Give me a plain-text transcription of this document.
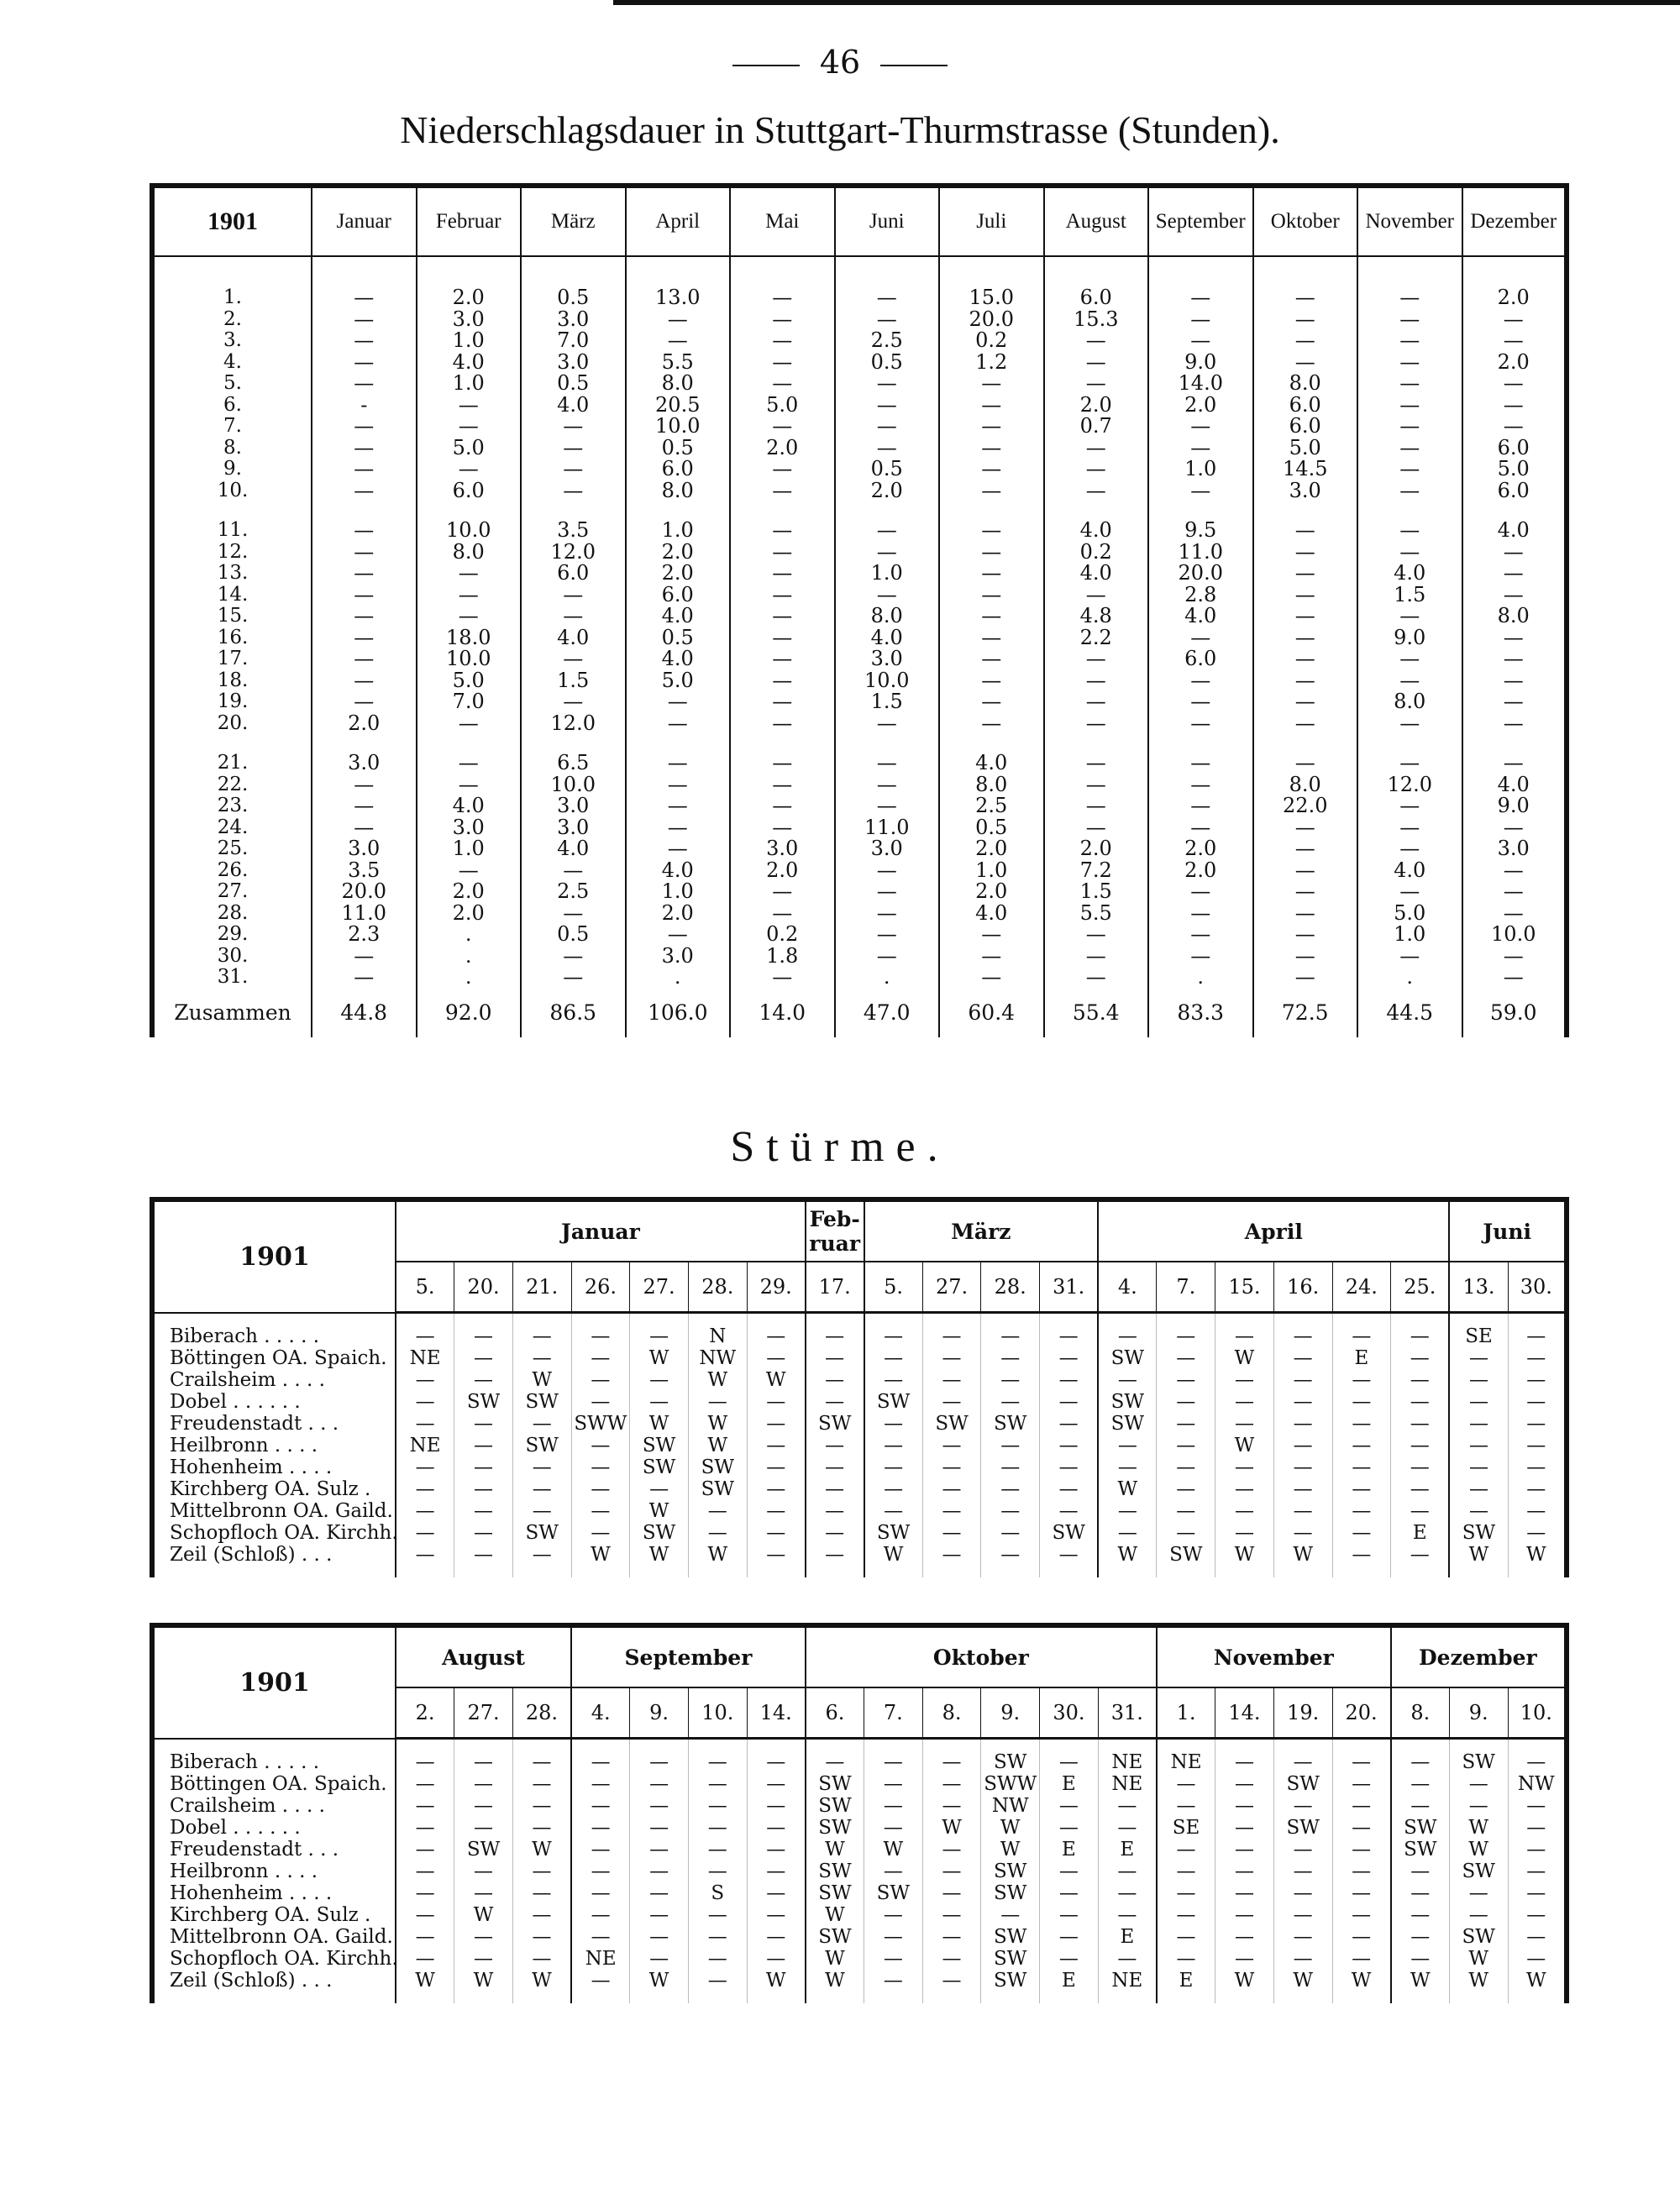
46
Niederschlagsdauer in Stuttgart-Thurmstrasse (Stunden).
1901	Januar	Februar	März	April	Mai	Juni	Juli	August	September	Oktober	November	Dezember

1.	—	2.0	0.5	13.0	—	—	15.0	6.0	—	—	—	2.0
2.	—	3.0	3.0	—	—	—	20.0	15.3	—	—	—	—
3.	—	1.0	7.0	—	—	2.5	0.2	—	—	—	—	—
4.	—	4.0	3.0	5.5	—	0.5	1.2	—	9.0	—	—	2.0
5.	—	1.0	0.5	8.0	—	—	—	—	14.0	8.0	—	—
6.	-	—	4.0	20.5	5.0	—	—	2.0	2.0	6.0	—	—
7.	—	—	—	10.0	—	—	—	0.7	—	6.0	—	—
8.	—	5.0	—	0.5	2.0	—	—	—	—	5.0	—	6.0
9.	—	—	—	6.0	—	0.5	—	—	1.0	14.5	—	5.0
10.	—	6.0	—	8.0	—	2.0	—	—	—	3.0	—	6.0

11.	—	10.0	3.5	1.0	—	—	—	4.0	9.5	—	—	4.0
12.	—	8.0	12.0	2.0	—	—	—	0.2	11.0	—	—	—
13.	—	—	6.0	2.0	—	1.0	—	4.0	20.0	—	4.0	—
14.	—	—	—	6.0	—	—	—	—	2.8	—	1.5	—
15.	—	—	—	4.0	—	8.0	—	4.8	4.0	—	—	8.0
16.	—	18.0	4.0	0.5	—	4.0	—	2.2	—	—	9.0	—
17.	—	10.0	—	4.0	—	3.0	—	—	6.0	—	—	—
18.	—	5.0	1.5	5.0	—	10.0	—	—	—	—	—	—
19.	—	7.0	—	—	—	1.5	—	—	—	—	8.0	—
20.	2.0	—	12.0	—	—	—	—	—	—	—	—	—

21.	3.0	—	6.5	—	—	—	4.0	—	—	—	—	—
22.	—	—	10.0	—	—	—	8.0	—	—	8.0	12.0	4.0
23.	—	4.0	3.0	—	—	—	2.5	—	—	22.0	—	9.0
24.	—	3.0	3.0	—	—	11.0	0.5	—	—	—	—	—
25.	3.0	1.0	4.0	—	3.0	3.0	2.0	2.0	2.0	—	—	3.0
26.	3.5	—	—	4.0	2.0	—	1.0	7.2	2.0	—	4.0	—
27.	20.0	2.0	2.5	1.0	—	—	2.0	1.5	—	—	—	—
28.	11.0	2.0	—	2.0	—	—	4.0	5.5	—	—	5.0	—
29.	2.3	.	0.5	—	0.2	—	—	—	—	—	1.0	10.0
30.	—	.	—	3.0	1.8	—	—	—	—	—	—	—
31.	—	.	—	.	—	.	—	—	.	—	.	—
Zusammen	44.8	92.0	86.5	106.0	14.0	47.0	60.4	55.4	83.3	72.5	44.5	59.0
Stürme.
1901	Januar							Feb-ruar	März				April						Juni	
	5.	20.	21.	26.	27.	28.	29.	17.	5.	27.	28.	31.	4.	7.	15.	16.	24.	25.	13.	30.

Biberach . . . . .	—	—	—	—	—	N	—	—	—	—	—	—	—	—	—	—	—	—	SE	—
Böttingen OA. Spaich.	NE	—	—	—	W	NW	—	—	—	—	—	—	SW	—	W	—	E	—	—	—
Crailsheim . . . .	—	—	W	—	—	W	W	—	—	—	—	—	—	—	—	—	—	—	—	—
Dobel . . . . . .	—	SW	SW	—	—	—	—	—	SW	—	—	—	SW	—	—	—	—	—	—	—
Freudenstadt . . .	—	—	—	SWW	W	W	—	SW	—	SW	SW	—	SW	—	—	—	—	—	—	—
Heilbronn . . . .	NE	—	SW	—	SW	W	—	—	—	—	—	—	—	—	W	—	—	—	—	—
Hohenheim . . . .	—	—	—	—	SW	SW	—	—	—	—	—	—	—	—	—	—	—	—	—	—
Kirchberg OA. Sulz .	—	—	—	—	—	SW	—	—	—	—	—	—	W	—	—	—	—	—	—	—
Mittelbronn OA. Gaild.	—	—	—	—	W	—	—	—	—	—	—	—	—	—	—	—	—	—	—	—
Schopfloch OA. Kirchh.	—	—	SW	—	SW	—	—	—	SW	—	—	SW	—	—	—	—	—	E	SW	—
Zeil (Schloß) . . .	—	—	—	W	W	W	—	—	W	—	—	—	W	SW	W	W	—	—	W	W

1901	August			September				Oktober						November				Dezember		
	2.	27.	28.	4.	9.	10.	14.	6.	7.	8.	9.	30.	31.	1.	14.	19.	20.	8.	9.	10.

Biberach . . . . .	—	—	—	—	—	—	—	—	—	—	SW	—	NE	NE	—	—	—	—	SW	—
Böttingen OA. Spaich.	—	—	—	—	—	—	—	SW	—	—	SWW	E	NE	—	—	SW	—	—	—	NW
Crailsheim . . . .	—	—	—	—	—	—	—	SW	—	—	NW	—	—	—	—	—	—	—	—	—
Dobel . . . . . .	—	—	—	—	—	—	—	SW	—	W	W	—	—	SE	—	SW	—	SW	W	—
Freudenstadt . . .	—	SW	W	—	—	—	—	W	W	—	W	E	E	—	—	—	—	SW	W	—
Heilbronn . . . .	—	—	—	—	—	—	—	SW	—	—	SW	—	—	—	—	—	—	—	SW	—
Hohenheim . . . .	—	—	—	—	—	S	—	SW	SW	—	SW	—	—	—	—	—	—	—	—	—
Kirchberg OA. Sulz .	—	W	—	—	—	—	—	W	—	—	—	—	—	—	—	—	—	—	—	—
Mittelbronn OA. Gaild.	—	—	—	—	—	—	—	SW	—	—	SW	—	E	—	—	—	—	—	SW	—
Schopfloch OA. Kirchh.	—	—	—	NE	—	—	—	W	—	—	SW	—	—	—	—	—	—	—	W	—
Zeil (Schloß) . . .	W	W	W	—	W	—	W	W	—	—	SW	E	NE	E	W	W	W	W	W	W
